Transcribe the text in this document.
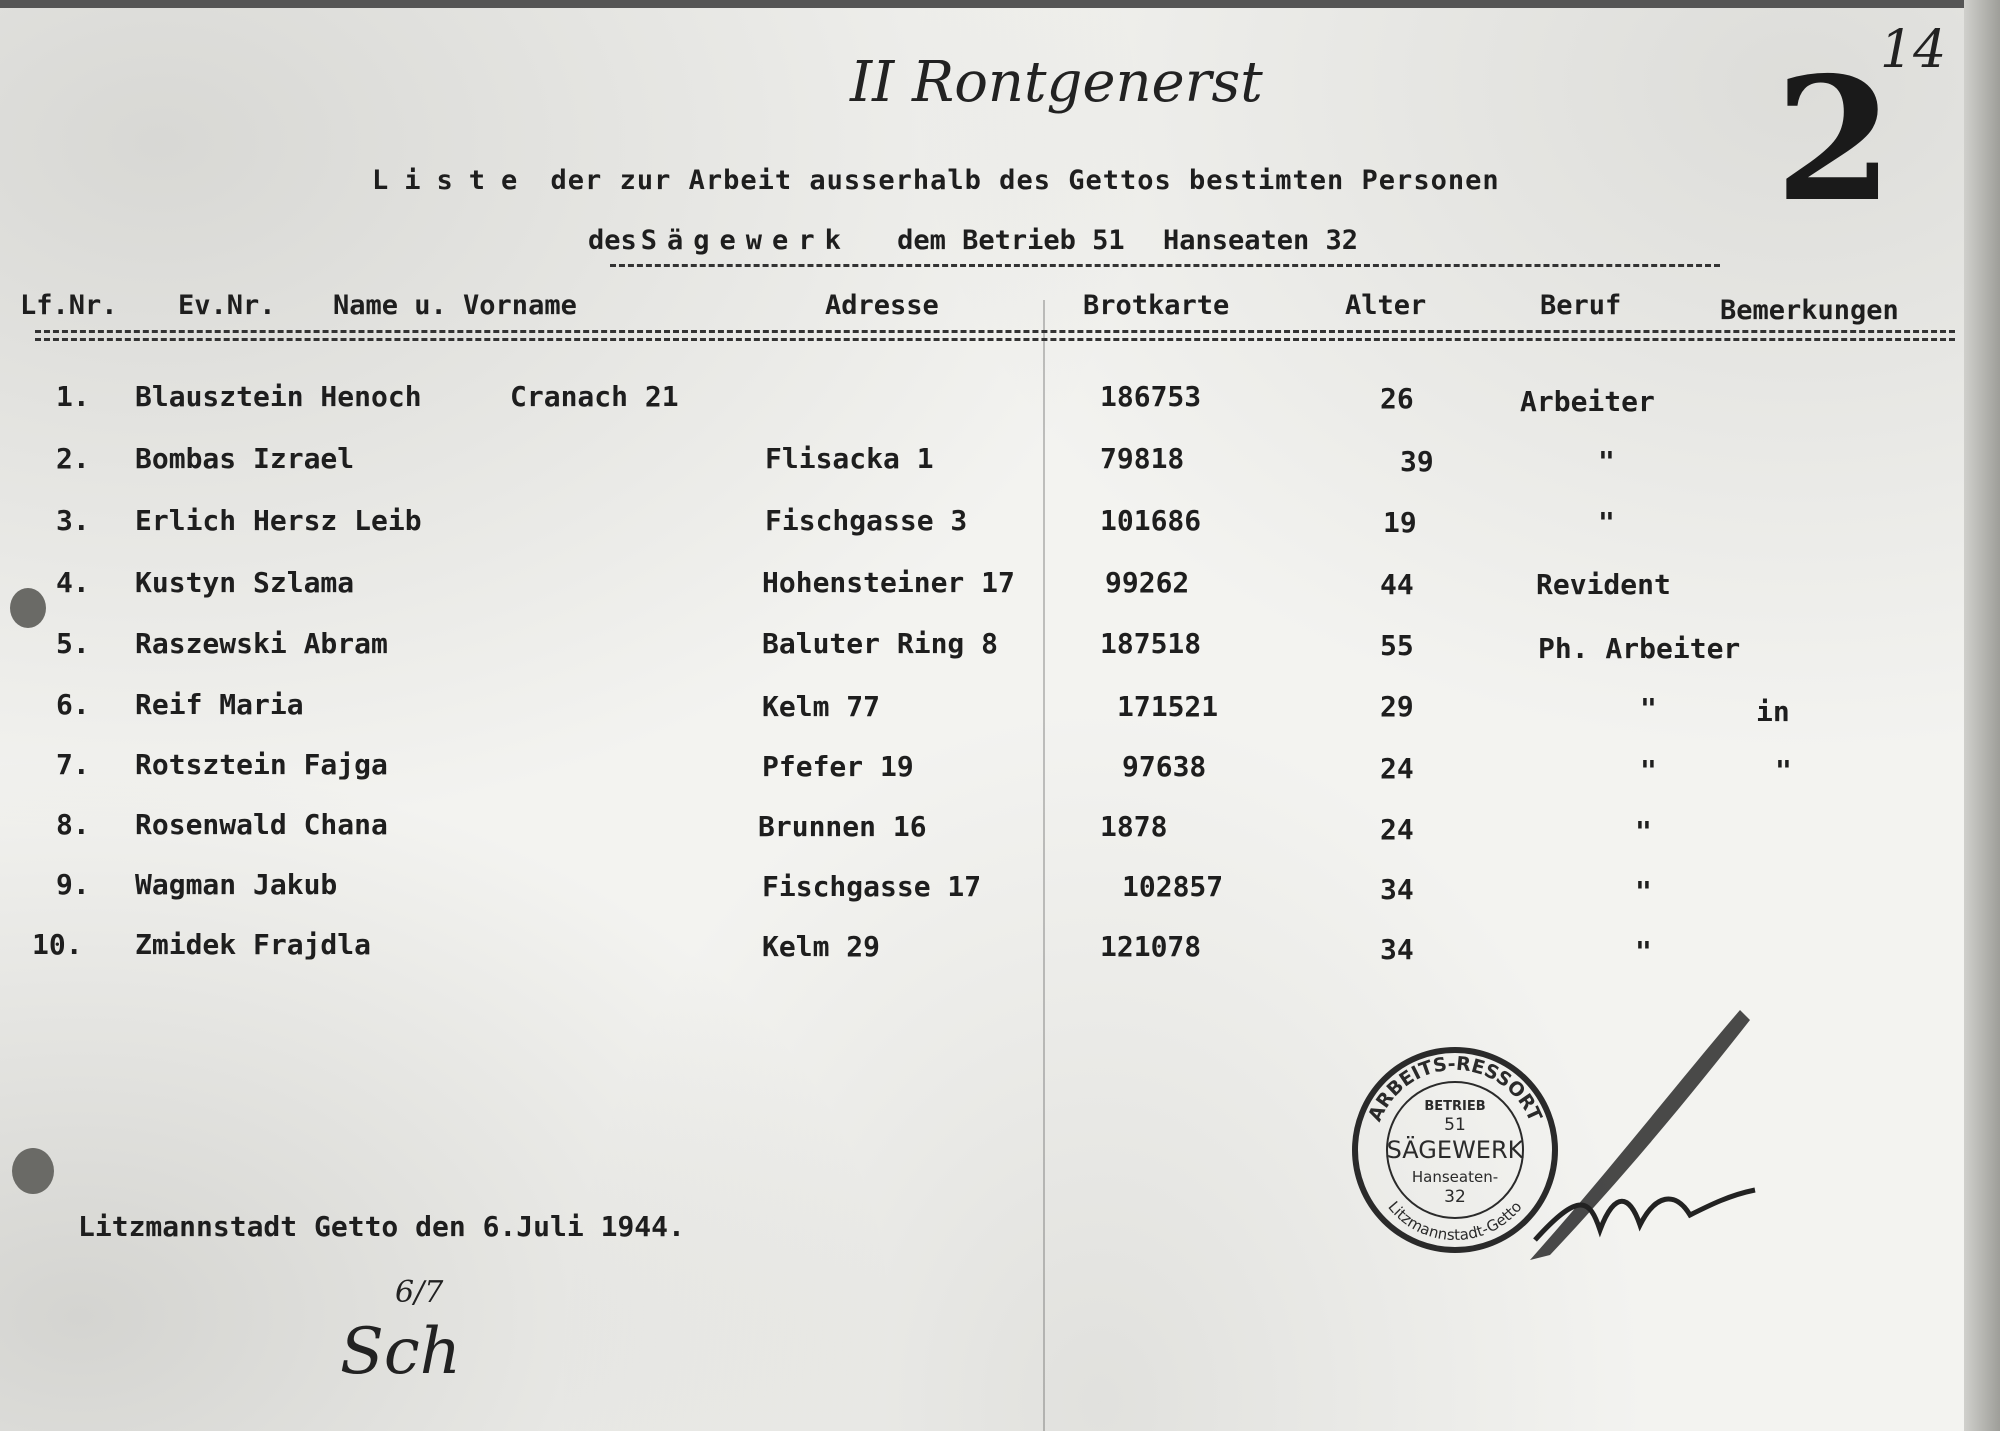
II Rontgenerst	2
14
Liste der zur Arbeit ausserhalb des Gettos bestimten Personen
des Sägewerk dem Betrieb 51 Hanseaten 32
Lf.Nr. Ev.Nr. Name u. Vorname	Adresse	Brotkarte	Alter	Beruf	Bemerkungen
1. Blausztein Henoch	Cranach 21	186753	26	Arbeiter
2. Bombas Izrael	Flisacka 1	79818	39	"
3. Erlich Hersz Leib	Fischgasse 3	101686	19	"
4. Kustyn Szlama	Hohensteiner 17	99262	44	Revident
5. Raszewski Abram	Baluter Ring 8	187518	55	Ph. Arbeiter
6. Reif Maria	Kelm 77	171521	29	"	in
7. Rotsztein Fajga	Pfefer 19	97638	24	"	"
8. Rosenwald Chana	Brunnen 16	1878	24	"
9. Wagman Jakub	Fischgasse 17	102857	34	"
10. Zmidek Frajdla	Kelm 29	121078	34	"
Litzmannstadt Getto den 6.Juli 1944.
6/7
Sch
ARBEITS-RESSORT
Litzmannstadt-Getto
BETRIEB
51
SÄGEWERK
Hanseaten-
32
